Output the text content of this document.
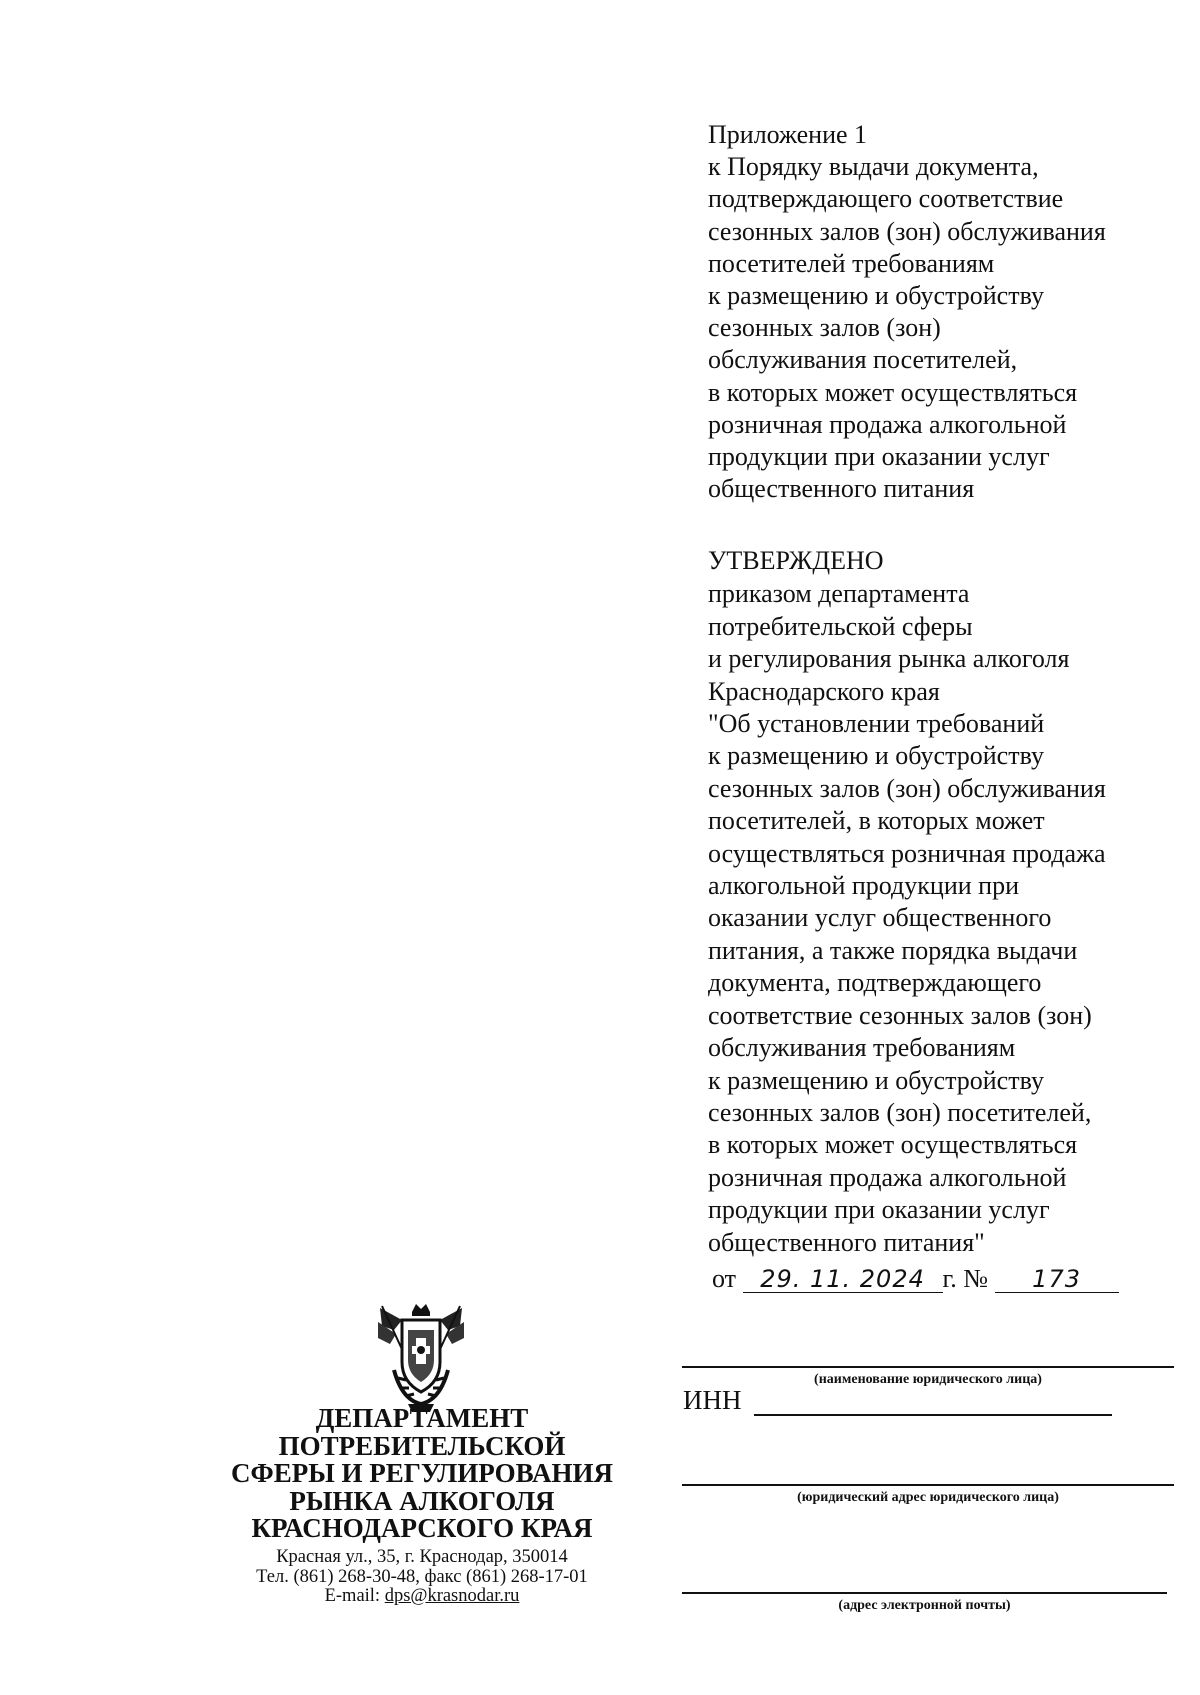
Приложение 1
к Порядку выдачи документа,
подтверждающего соответствие
сезонных залов (зон) обслуживания
посетителей требованиям
к размещению и обустройству
сезонных залов (зон)
обслуживания посетителей,
в которых может осуществляться
розничная продажа алкогольной
продукции при оказании услуг
общественного питания
УТВЕРЖДЕНО
приказом департамента
потребительской сферы
и регулирования рынка алкоголя
Краснодарского края
"Об установлении требований
к размещению и обустройству
сезонных залов (зон) обслуживания
посетителей, в которых может
осуществляться розничная продажа
алкогольной продукции при
оказании услуг общественного
питания, а также порядка выдачи
документа, подтверждающего
соответствие сезонных залов (зон)
обслуживания требованиям
к размещению и обустройству
сезонных залов (зон) посетителей,
в которых может осуществляться
розничная продажа алкогольной
продукции при оказании услуг
общественного питания"
от 29. 11. 2024 г. № 173
(наименование юридического лица)
ИНН
(юридический адрес юридического лица)
(адрес электронной почты)
ДЕПАРТАМЕНТ
ПОТРЕБИТЕЛЬСКОЙ
СФЕРЫ И РЕГУЛИРОВАНИЯ
РЫНКА АЛКОГОЛЯ
КРАСНОДАРСКОГО КРАЯ
Красная ул., 35, г. Краснодар, 350014
Тел. (861) 268-30-48, факс (861) 268-17-01
E-mail: dps@krasnodar.ru
